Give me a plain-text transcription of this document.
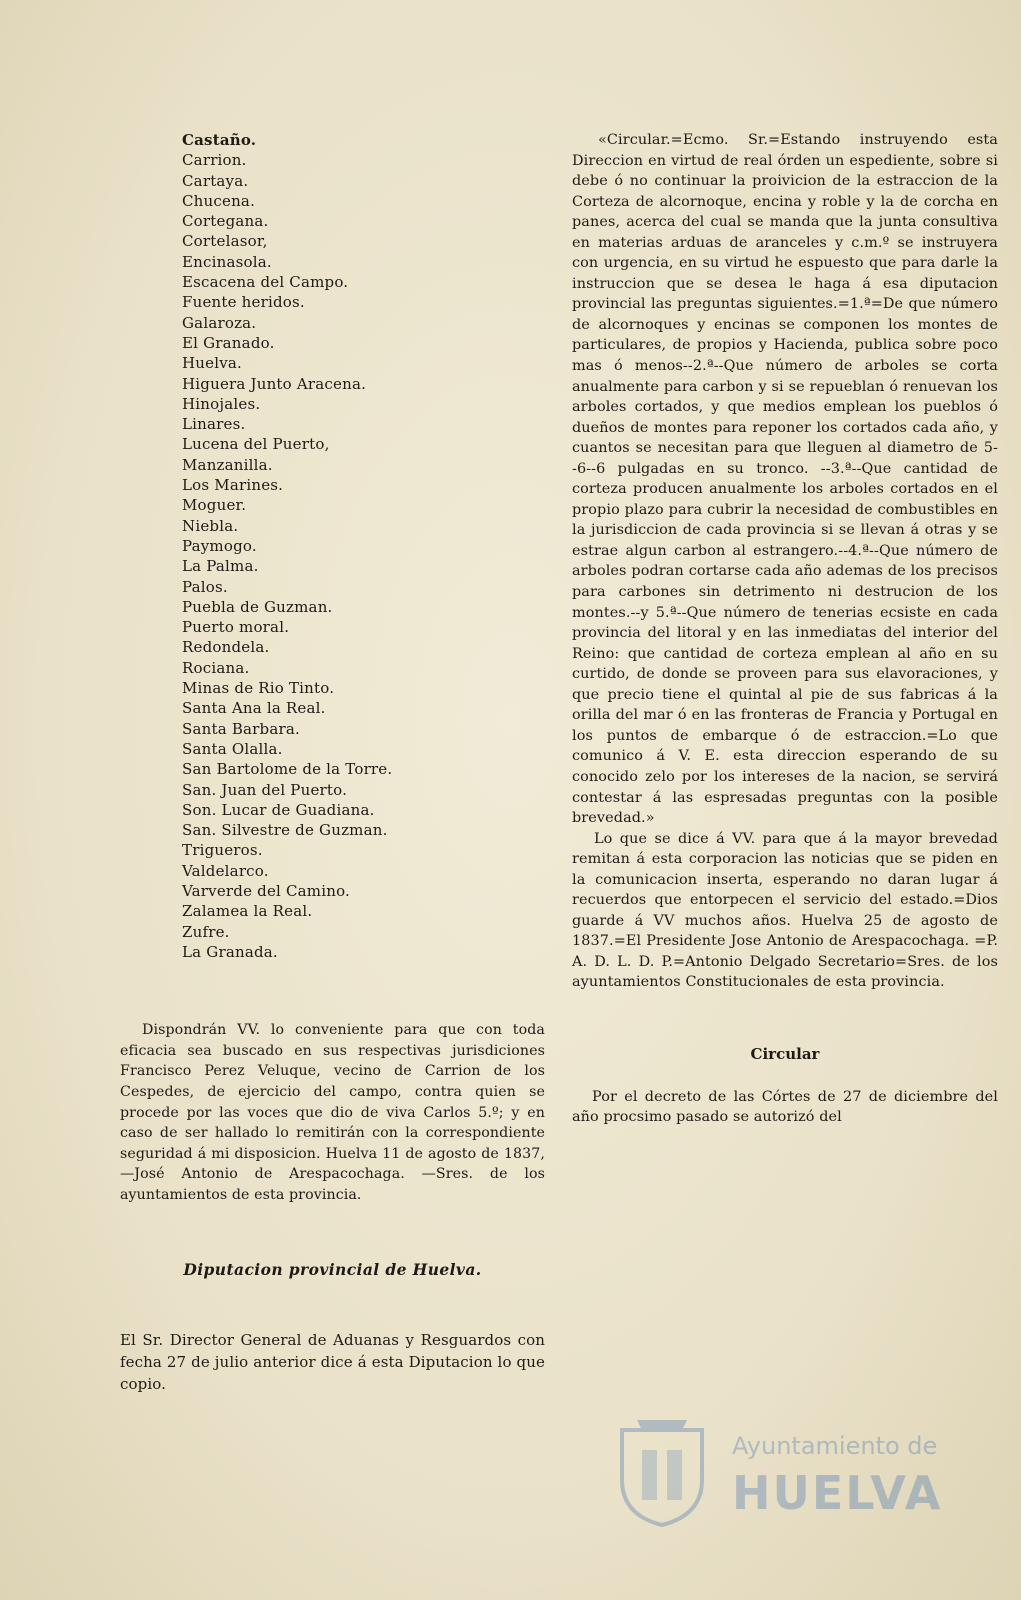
Castaño.
Carrion.
Cartaya.
Chucena.
Cortegana.
Cortelasor,
Encinasola.
Escacena del Campo.
Fuente heridos.
Galaroza.
El Granado.
Huelva.
Higuera Junto Aracena.
Hinojales.
Linares.
Lucena del Puerto,
Manzanilla.
Los Marines.
Moguer.
Niebla.
Paymogo.
La Palma.
Palos.
Puebla de Guzman.
Puerto moral.
Redondela.
Rociana.
Minas de Rio Tinto.
Santa Ana la Real.
Santa Barbara.
Santa Olalla.
San Bartolome de la Torre.
San. Juan del Puerto.
Son. Lucar de Guadiana.
San. Silvestre de Guzman.
Trigueros.
Valdelarco.
Varverde del Camino.
Zalamea la Real.
Zufre.
La Granada.

Dispondrán VV. lo conveniente para que con toda eficacia sea buscado en sus respectivas jurisdiciones Francisco Perez Veluque, vecino de Carrion de los Cespedes, de ejercicio del campo, contra quien se procede por las voces que dio de viva Carlos 5.º; y en caso de ser hallado lo remitirán con la correspondiente seguridad á mi disposicion. Huelva 11 de agosto de 1837,—José Antonio de Arespacochaga. —Sres. de los ayuntamientos de esta provincia.

Diputacion provincial de Huelva.

El Sr. Director General de Aduanas y Resguardos con fecha 27 de julio anterior dice á esta Diputacion lo que copio.

«Circular.=Ecmo. Sr.=Estando instruyendo esta Direccion en virtud de real órden un espediente, sobre si debe ó no continuar la proivicion de la estraccion de la Corteza de alcornoque, encina y roble y la de corcha en panes, acerca del cual se manda que la junta consultiva en materias arduas de aranceles y c.m.º se instruyera con urgencia, en su virtud he espuesto que para darle la instruccion que se desea le haga á esa diputacion provincial las preguntas siguientes.=1.ª=De que número de alcornoques y encinas se componen los montes de particulares, de propios y Hacienda, publica sobre poco mas ó menos--2.ª--Que número de arboles se corta anualmente para carbon y si se repueblan ó renuevan los arboles cortados, y que medios emplean los pueblos ó dueños de montes para reponer los cortados cada año, y cuantos se necesitan para que lleguen al diametro de 5--6--6 pulgadas en su tronco. --3.ª--Que cantidad de corteza producen anualmente los arboles cortados en el propio plazo para cubrir la necesidad de combustibles en la jurisdiccion de cada provincia si se llevan á otras y se estrae algun carbon al estrangero.--4.ª--Que número de arboles podran cortarse cada año ademas de los precisos para carbones sin detrimento ni destrucion de los montes.--y 5.ª--Que número de tenerias ecsiste en cada provincia del litoral y en las inmediatas del interior del Reino: que cantidad de corteza emplean al año en su curtido, de donde se proveen para sus elavoraciones, y que precio tiene el quintal al pie de sus fabricas á la orilla del mar ó en las fronteras de Francia y Portugal en los puntos de embarque ó de estraccion.=Lo que comunico á V. E. esta direccion esperando de su conocido zelo por los intereses de la nacion, se servirá contestar á las espresadas preguntas con la posible brevedad.»

Lo que se dice á VV. para que á la mayor brevedad remitan á esta corporacion las noticias que se piden en la comunicacion inserta, esperando no daran lugar á recuerdos que entorpecen el servicio del estado.=Dios guarde á VV muchos años. Huelva 25 de agosto de 1837.=El Presidente Jose Antonio de Arespacochaga. =P. A. D. L. D. P.=Antonio Delgado Secretario=Sres. de los ayuntamientos Constitucionales de esta provincia.

Circular

Por el decreto de las Córtes de 27 de diciembre del año procsimo pasado se autorizó del

Ayuntamiento de
HUELVA
